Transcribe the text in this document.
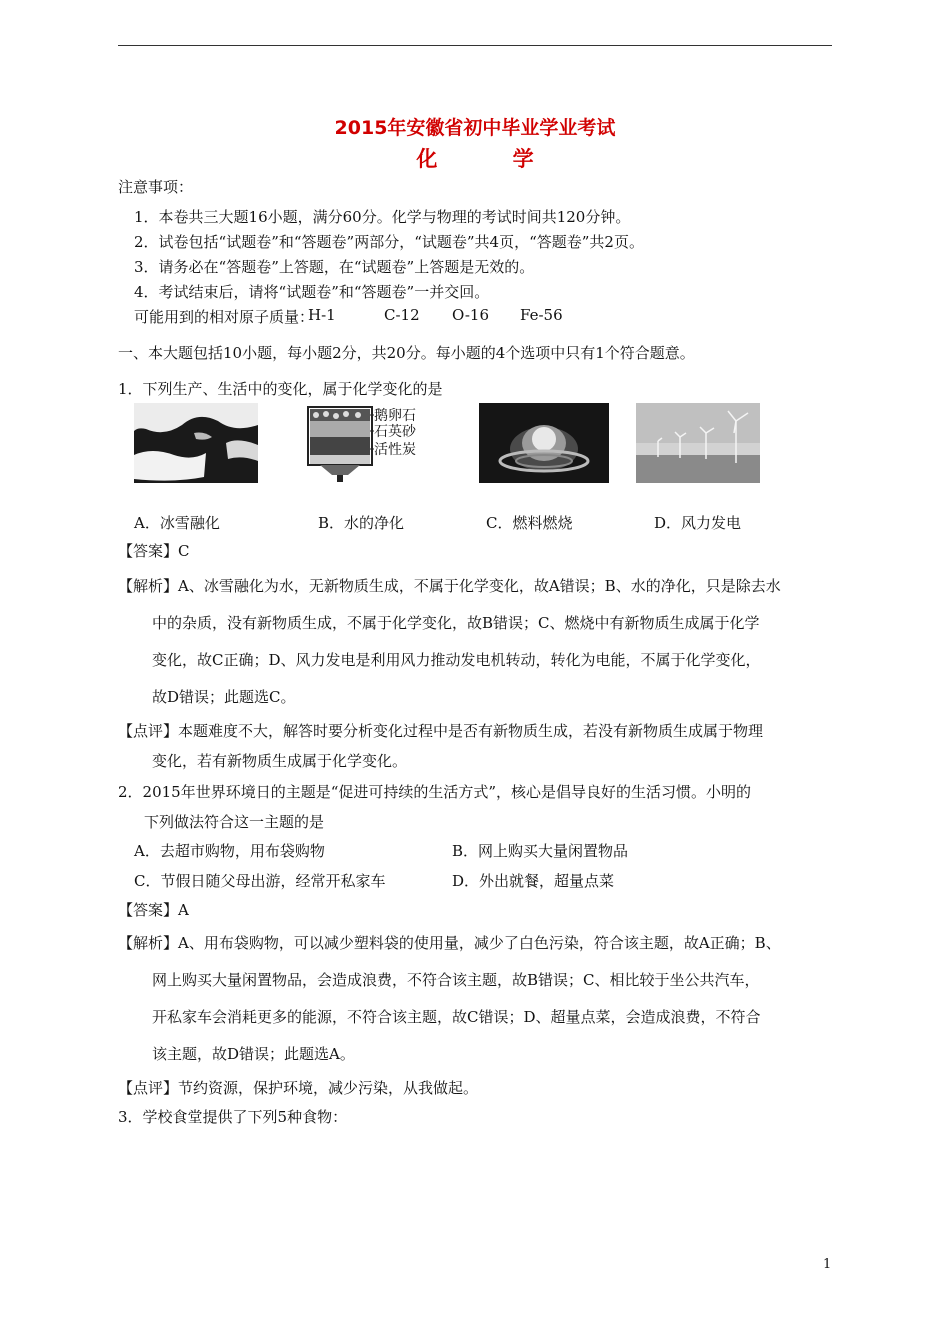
2015年安徽省初中毕业学业考试
化 学
注意事项：
1．本卷共三大题16小题，满分60分。化学与物理的考试时间共120分钟。
2．试卷包括“试题卷”和“答题卷”两部分，“试题卷”共4页，“答题卷”共2页。
3．请务必在“答题卷”上答题，在“试题卷”上答题是无效的。
4．考试结束后，请将“试题卷”和“答题卷”一并交回。
可能用到的相对原子质量：
H-1	C-12 O-16 Fe-56
一、本大题包括10小题，每小题2分，共20分。每小题的4个选项中只有1个符合题意。
1．下列生产、生活中的变化，属于化学变化的是
鹅卵石
石英砂
活性炭
A．冰雪融化	B．水的净化	C．燃料燃烧	D．风力发电
【答案】C
【解析】A、冰雪融化为水，无新物质生成，不属于化学变化，故A错误；B、水的净化，只是除去水
中的杂质，没有新物质生成，不属于化学变化，故B错误；C、燃烧中有新物质生成属于化学
变化，故C正确；D、风力发电是利用风力推动发电机转动，转化为电能，不属于化学变化，
故D错误；此题选C。
【点评】本题难度不大，解答时要分析变化过程中是否有新物质生成，若没有新物质生成属于物理
变化，若有新物质生成属于化学变化。
2．2015年世界环境日的主题是“促进可持续的生活方式”，核心是倡导良好的生活习惯。小明的
下列做法符合这一主题的是
A．去超市购物，用布袋购物	B．网上购买大量闲置物品
C．节假日随父母出游，经常开私家车	D．外出就餐，超量点菜
【答案】A
【解析】A、用布袋购物，可以减少塑料袋的使用量，减少了白色污染，符合该主题，故A正确；B、
网上购买大量闲置物品，会造成浪费，不符合该主题，故B错误；C、相比较于坐公共汽车，
开私家车会消耗更多的能源，不符合该主题，故C错误；D、超量点菜，会造成浪费，不符合
该主题，故D错误；此题选A。
【点评】节约资源，保护环境，减少污染，从我做起。
3．学校食堂提供了下列5种食物：
1
